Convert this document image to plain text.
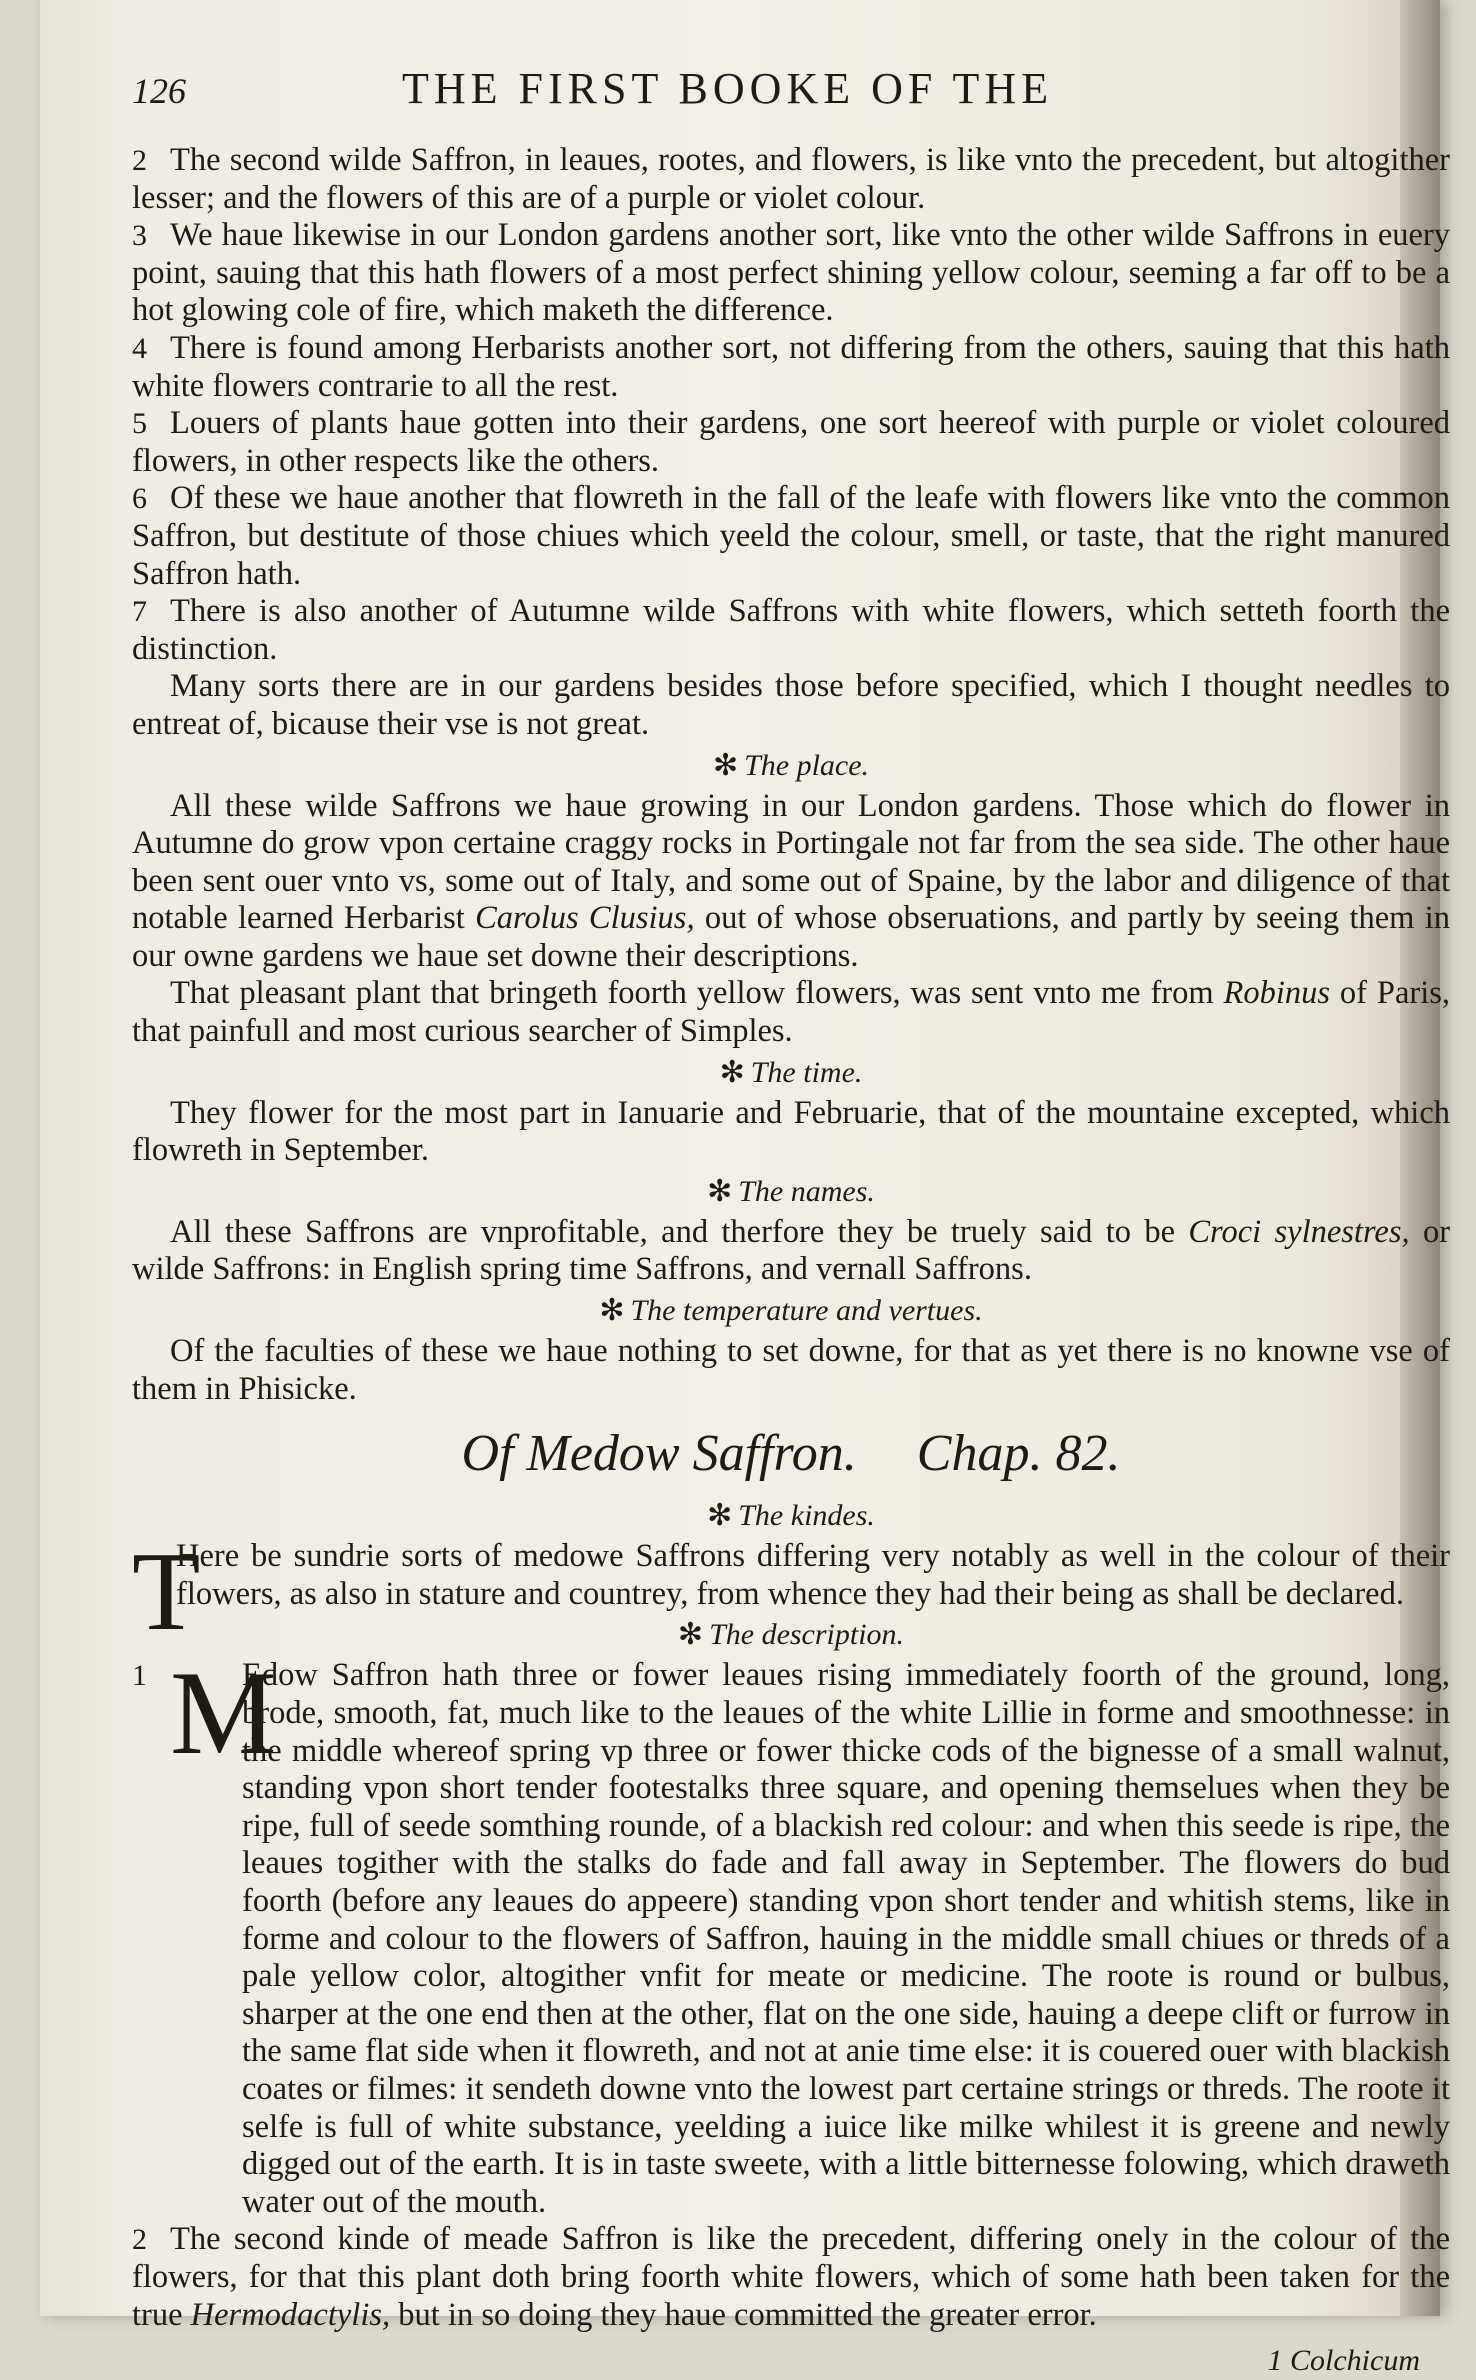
126	THE FIRST BOOKE OF THE

2 The second wilde Saffron, in leaues, rootes, and flowers, is like vnto the precedent, but altogither lesser; and the flowers of this are of a purple or violet colour.

3 We haue likewise in our London gardens another sort, like vnto the other wilde Saffrons in euery point, sauing that this hath flowers of a most perfect shining yellow colour, seeming a far off to be a hot glowing cole of fire, which maketh the difference.

4 There is found among Herbarists another sort, not differing from the others, sauing that this hath white flowers contrarie to all the rest.

5 Louers of plants haue gotten into their gardens, one sort heereof with purple or violet coloured flowers, in other respects like the others.

6 Of these we haue another that flowreth in the fall of the leafe with flowers like vnto the common Saffron, but destitute of those chiues which yeeld the colour, smell, or taste, that the right manured Saffron hath.

7 There is also another of Autumne wilde Saffrons with white flowers, which setteth foorth the distinction.

Many sorts there are in our gardens besides those before specified, which I thought needles to entreat of, bicause their vse is not great.

✻ The place.

All these wilde Saffrons we haue growing in our London gardens. Those which do flower in Autumne do grow vpon certaine craggy rocks in Portingale not far from the sea side. The other haue been sent ouer vnto vs, some out of Italy, and some out of Spaine, by the labor and diligence of that notable learned Herbarist Carolus Clusius, out of whose obseruations, and partly by seeing them in our owne gardens we haue set downe their descriptions.

That pleasant plant that bringeth foorth yellow flowers, was sent vnto me from Robinus of Paris, that painfull and most curious searcher of Simples.

✻ The time.

They flower for the most part in Ianuarie and Februarie, that of the mountaine excepted, which flowreth in September.

✻ The names.

All these Saffrons are vnprofitable, and therfore they be truely said to be Croci sylnestres, or wilde Saffrons: in English spring time Saffrons, and vernall Saffrons.

✻ The temperature and vertues.

Of the faculties of these we haue nothing to set downe, for that as yet there is no knowne vse of them in Phisicke.

Of Medow Saffron. Chap. 82.
✻ The kindes.
T

Here be sundrie sorts of medowe Saffrons differing very notably as well in the colour of their flowers, as also in stature and countrey, from whence they had their being as shall be declared.

✻ The description.
1 M

Edow Saffron hath three or fower leaues rising immediately foorth of the ground, long, brode, smooth, fat, much like to the leaues of the white Lillie in forme and smoothnesse: in the middle whereof spring vp three or fower thicke cods of the bignesse of a small walnut, standing vpon short tender footestalks three square, and opening themselues when they be ripe, full of seede somthing rounde, of a blackish red colour: and when this seede is ripe, the leaues togither with the stalks do fade and fall away in September. The flowers do bud foorth (before any leaues do appeere) standing vpon short tender and whitish stems, like in forme and colour to the flowers of Saffron, hauing in the middle small chiues or threds of a pale yellow color, altogither vnfit for meate or medicine. The roote is round or bulbus, sharper at the one end then at the other, flat on the one side, hauing a deepe clift or furrow in the same flat side when it flowreth, and not at anie time else: it is couered ouer with blackish coates or filmes: it sendeth downe vnto the lowest part certaine strings or threds. The roote it selfe is full of white substance, yeelding a iuice like milke whilest it is greene and newly digged out of the earth. It is in taste sweete, with a little bitternesse folowing, which draweth water out of the mouth.

2 The second kinde of meade Saffron is like the precedent, differing onely in the colour of the flowers, for that this plant doth bring foorth white flowers, which of some hath been taken for the true Hermodactylis, but in so doing they haue committed the greater error.

1 Colchicum
